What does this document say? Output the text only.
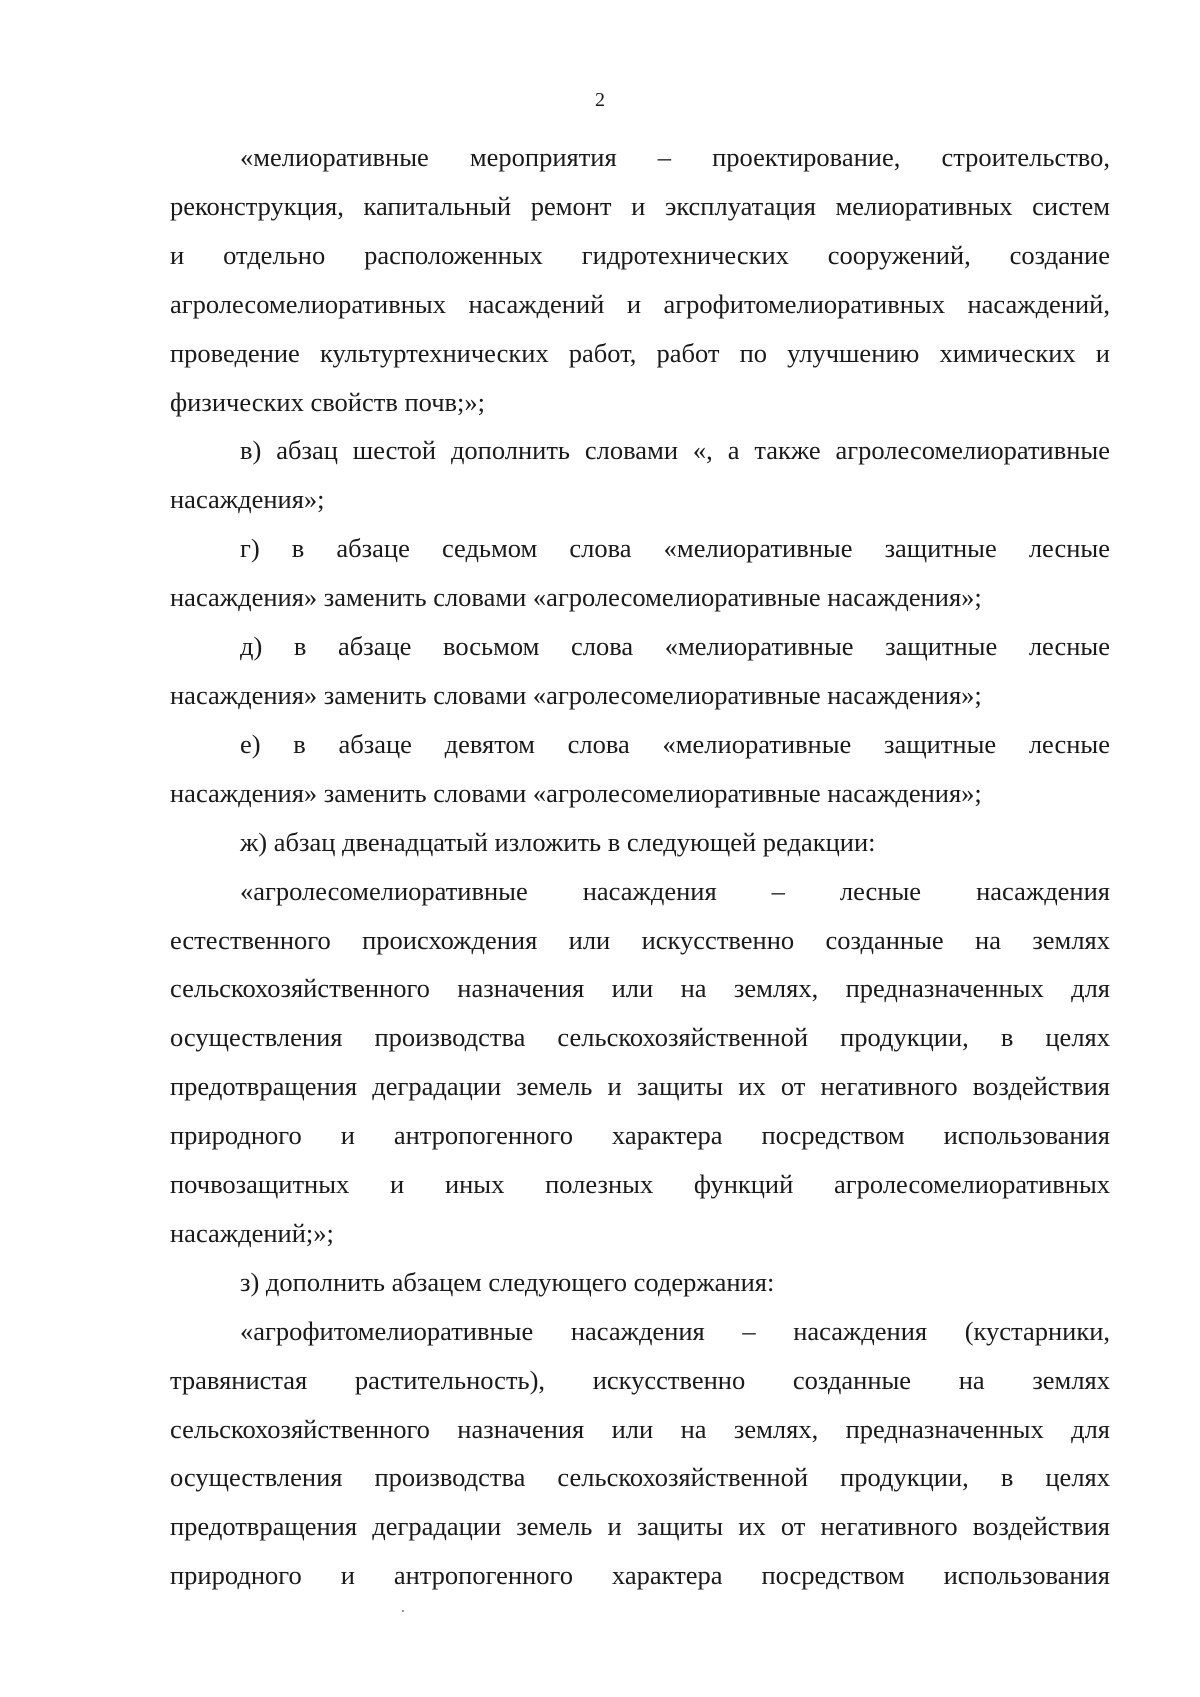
2
«мелиоративные мероприятия – проектирование, строительство,
реконструкция, капитальный ремонт и эксплуатация мелиоративных систем
и отдельно расположенных гидротехнических сооружений, создание
агролесомелиоративных насаждений и агрофитомелиоративных насаждений,
проведение культуртехнических работ, работ по улучшению химических и
физических свойств почв;»;
в) абзац шестой дополнить словами «, а также агролесомелиоративные
насаждения»;
г) в абзаце седьмом слова «мелиоративные защитные лесные
насаждения» заменить словами «агролесомелиоративные насаждения»;
д) в абзаце восьмом слова «мелиоративные защитные лесные
насаждения» заменить словами «агролесомелиоративные насаждения»;
е) в абзаце девятом слова «мелиоративные защитные лесные
насаждения» заменить словами «агролесомелиоративные насаждения»;
ж) абзац двенадцатый изложить в следующей редакции:
«агролесомелиоративные насаждения – лесные насаждения
естественного происхождения или искусственно созданные на землях
сельскохозяйственного назначения или на землях, предназначенных для
осуществления производства сельскохозяйственной продукции, в целях
предотвращения деградации земель и защиты их от негативного воздействия
природного и антропогенного характера посредством использования
почвозащитных и иных полезных функций агролесомелиоративных
насаждений;»;
з) дополнить абзацем следующего содержания:
«агрофитомелиоративные насаждения – насаждения (кустарники,
травянистая растительность), искусственно созданные на землях
сельскохозяйственного назначения или на землях, предназначенных для
осуществления производства сельскохозяйственной продукции, в целях
предотвращения деградации земель и защиты их от негативного воздействия
природного и антропогенного характера посредством использования
